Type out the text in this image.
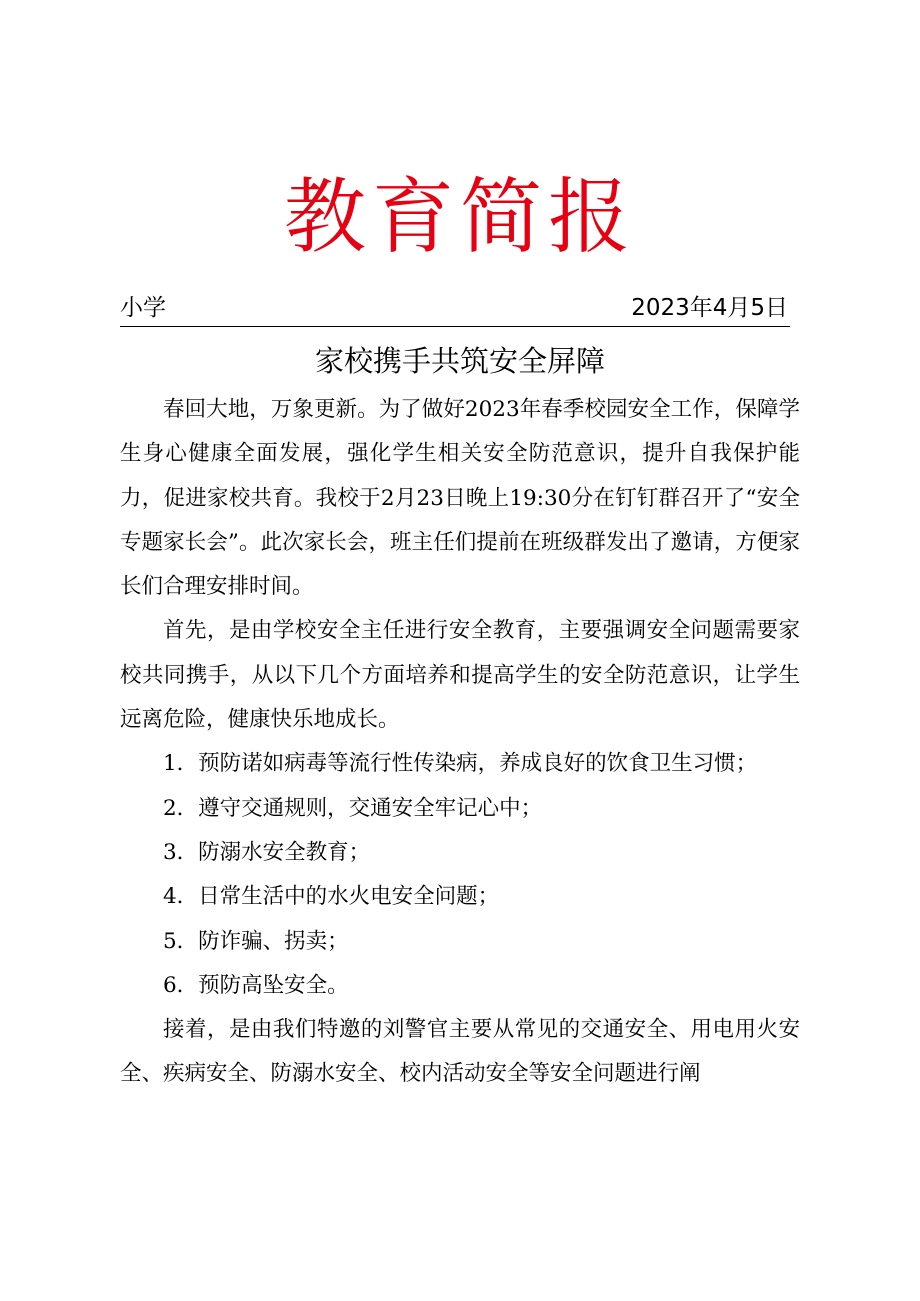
教育简报
小学	2023年4月5日
家校携手共筑安全屏障

春回大地，万象更新。为了做好2023年春季校园安全工作，保障学生身心健康全面发展，强化学生相关安全防范意识，提升自我保护能力，促进家校共育。我校于2月23日晚上19:30分在钉钉群召开了“安全专题家长会”。此次家长会，班主任们提前在班级群发出了邀请，方便家长们合理安排时间。

首先，是由学校安全主任进行安全教育，主要强调安全问题需要家校共同携手，从以下几个方面培养和提高学生的安全防范意识，让学生远离危险，健康快乐地成长。

1．预防诺如病毒等流行性传染病，养成良好的饮食卫生习惯；
2．遵守交通规则，交通安全牢记心中；
3．防溺水安全教育；
4．日常生活中的水火电安全问题；
5．防诈骗、拐卖；
6．预防高坠安全。

接着，是由我们特邀的刘警官主要从常见的交通安全、用电用火安全、疾病安全、防溺水安全、校内活动安全等安全问题进行阐
